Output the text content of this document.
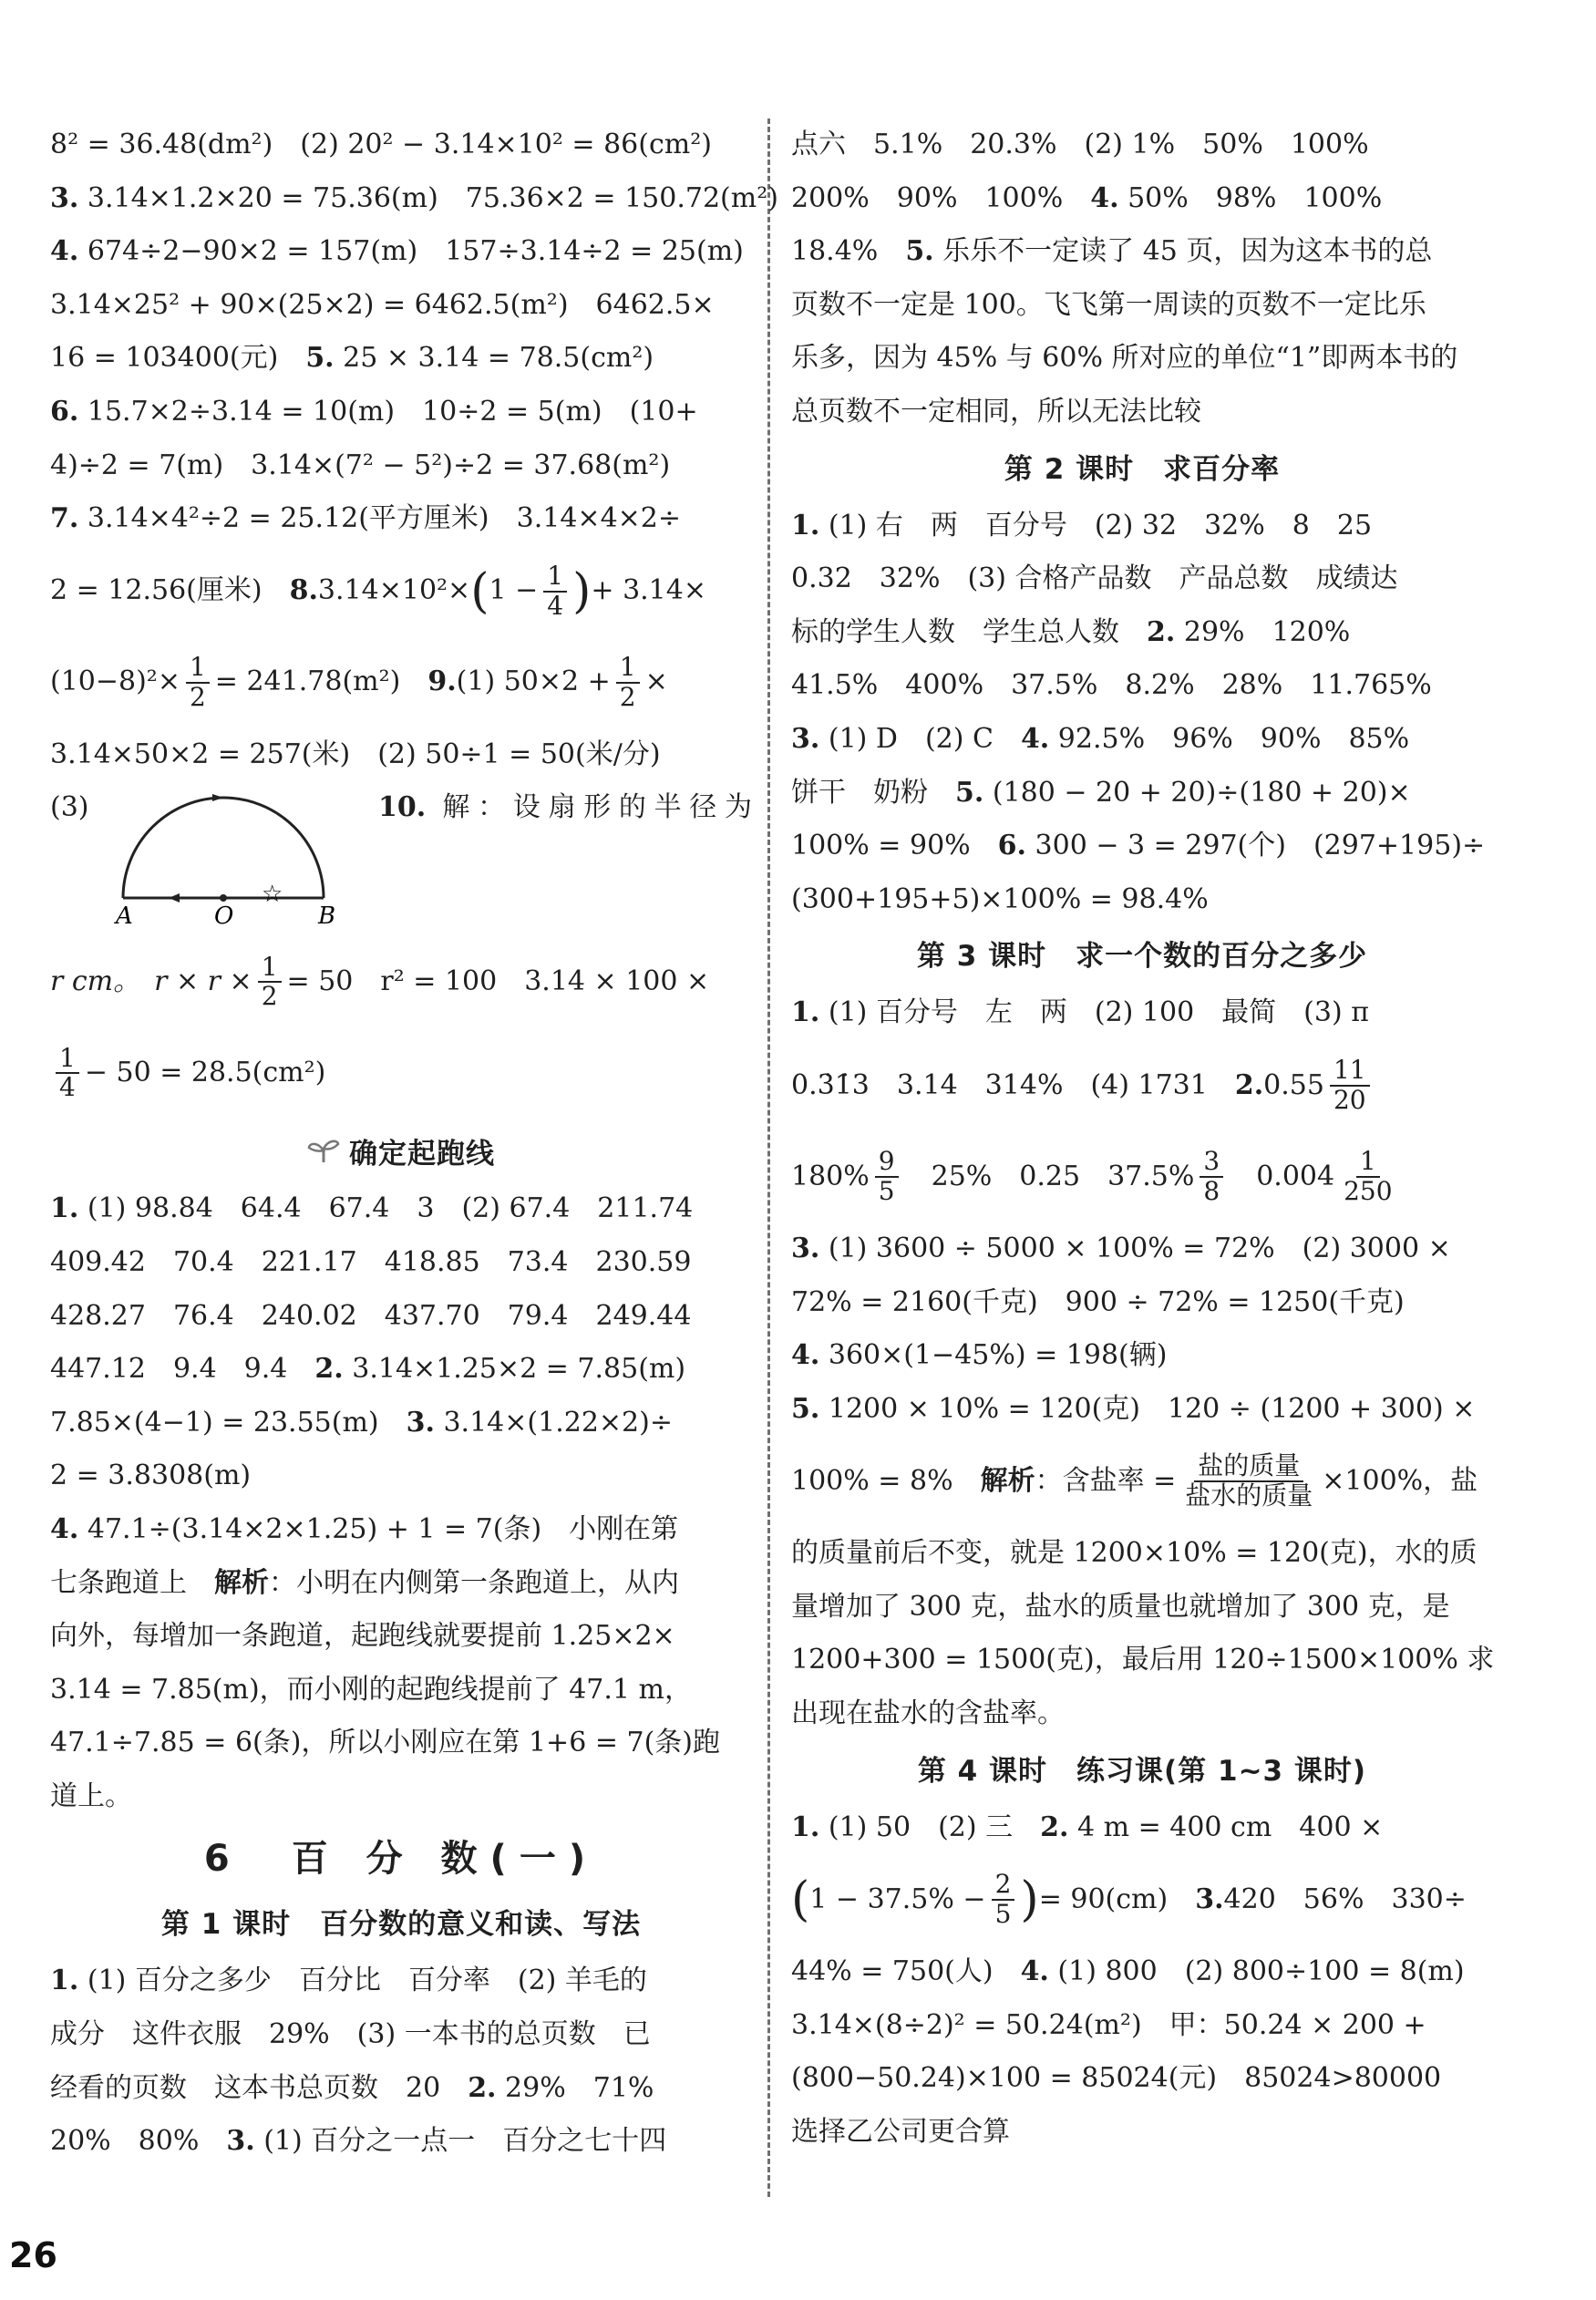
8² = 36.48(dm²)　(2) 20² − 3.14×10² = 86(cm²)
3. 3.14×1.2×20 = 75.36(m)　75.36×2 = 150.72(m²)
4. 674÷2−90×2 = 157(m)　157÷3.14÷2 = 25(m)
3.14×25² + 90×(25×2) = 6462.5(m²)　6462.5×
16 = 103400(元)　 5. 25 × 3.14 = 78.5(cm²)
6. 15.7×2÷3.14 = 10(m)　10÷2 = 5(m)　(10+
4)÷2 = 7(m)　3.14×(7² − 5²)÷2 = 37.68(m²)
7. 3.14×4²÷2 = 25.12(平方厘米)　3.14×4×2÷
2 = 12.56(厘米)
　 8. 3.14×10²× ( $1 - \frac{1}{4}$ ) + 3.14×
$(10-8)^2\times \frac{1}{2} = 241.78(m^2)$
　 9. (1) $50\times 2 + \frac{1}{2}$ ×
3.14×50×2 = 257(米)　(2) 50÷1 = 50(米/分)
(3)
A	O	B
☆
10. 解：设扇形的半径为
r cm。　$r \times r \times \frac{1}{2} = 50$　r² = 100　3.14 × 100 ×
$\frac{1}{4} - 50 = 28.5(cm^2)$
确定起跑线
1. (1) 98.84　64.4　67.4　3　(2) 67.4　211.74
409.42　70.4　221.17　418.85　73.4　230.59
428.27　76.4　240.02　437.70　79.4　249.44
447.12　9.4　9.4　 2. 3.14×1.25×2 = 7.85(m)
7.85×(4−1) = 23.55(m)　 3. 3.14×(1.22×2)÷
2 = 3.8308(m)
4. 47.1÷(3.14×2×1.25) + 1 = 7(条)　小刚在第
七条跑道上　 解析：小明在内侧第一条跑道上，从内
向外，每增加一条跑道，起跑线就要提前 1.25×2×
3.14 = 7.85(m)，而小刚的起跑线提前了 47.1 m，
47.1÷7.85 = 6(条)，所以小刚应在第 1+6 = 7(条)跑
道上。
6　百 分 数(一)
第 1 课时　百分数的意义和读、写法
1. (1) 百分之多少　百分比　百分率　(2) 羊毛的
成分　这件衣服　29%　(3) 一本书的总页数　已
经看的页数　这本书总页数　20　 2. 29%　71%
20%　80%　 3. (1) 百分之一点一　百分之七十四
点六　5.1%　20.3%　(2) 1%　50%　100%
200%　90%　100%　 4. 50%　98%　100%
18.4%　 5. 乐乐不一定读了 45 页，因为这本书的总
页数不一定是 100。飞飞第一周读的页数不一定比乐
乐多，因为 45% 与 60% 所对应的单位“1”即两本书的
总页数不一定相同，所以无法比较
第 2 课时　求百分率
1. (1) 右　两　百分号　(2) 32　32%　8　25
0.32　32%　(3) 合格产品数　产品总数　成绩达
标的学生人数　学生总人数　 2. 29%　120%
41.5%　400%　37.5%　8.2%　28%　11.765%
3. (1) D　(2) C　 4. 92.5%　96%　90%　85%
饼干　奶粉　 5. (180 − 20 + 20)÷(180 + 20)×
100% = 90%　 6. 300 − 3 = 297(个)　(297+195)÷
(300+195+5)×100% = 98.4%
第 3 课时　求一个数的百分之多少
1. (1) 百分号　左　两　(2) 100　最简　(3) π
0.3̇1̇3　3.14　314%　(4) 1731
　 2. $0.55 \frac{11}{20}$
$180\% \frac{9}{5}$ 　25%　0.25　$37.5\% \frac{3}{8}$ 　$0.004 \frac{1}{250}$
3. (1) 3600 ÷ 5000 × 100% = 72%　(2) 3000 ×
72% = 2160(千克)　900 ÷ 72% = 1250(千克)
4. 360×(1−45%) = 198(辆)
5. 1200 × 10% = 120(克)　120 ÷ (1200 + 300) ×
100% = 8%
　 解析 ：含盐率 = $\frac{\text{盐的质量}}{\text{盐水的质量}} \times 100\%$，盐
的质量前后不变，就是 1200×10% = 120(克)，水的质
量增加了 300 克，盐水的质量也就增加了 300 克，是
1200+300 = 1500(克)，最后用 120÷1500×100% 求
出现在盐水的含盐率。
第 4 课时　练习课(第 1~3 课时)
1. (1) 50　(2) 三　 2. 4 m = 400 cm　400 ×
( $1 - 37.5\% - \frac{2}{5}$ ) = 90(cm)
　 3. 420　56%　330÷
44% = 750(人)　 4. (1) 800　(2) 800÷100 = 8(m)
3.14×(8÷2)² = 50.24(m²)　甲：50.24 × 200 +
(800−50.24)×100 = 85024(元)　85024>80000
选择乙公司更合算
26
